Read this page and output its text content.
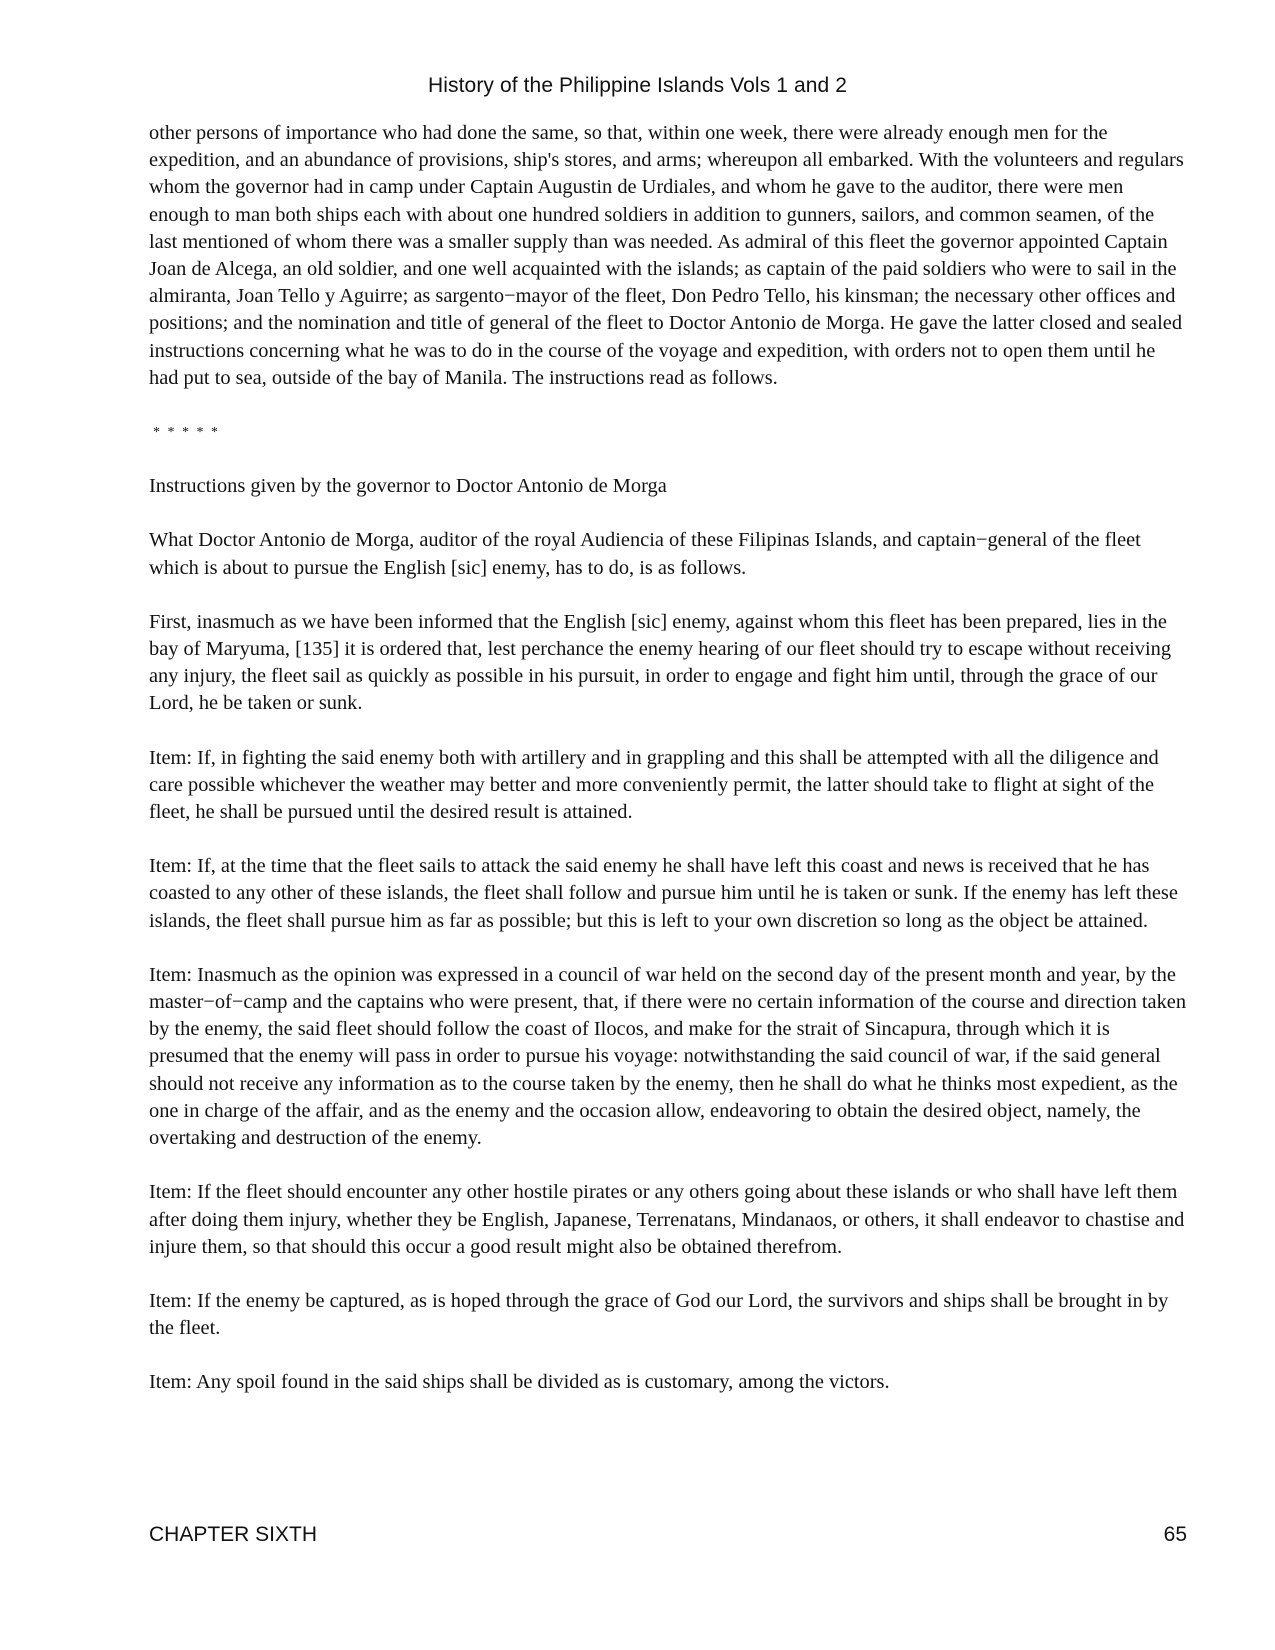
History of the Philippine Islands Vols 1 and 2

other persons of importance who had done the same, so that, within one week, there were already enough men for the expedition, and an abundance of provisions, ship's stores, and arms; whereupon all embarked. With the volunteers and regulars whom the governor had in camp under Captain Augustin de Urdiales, and whom he gave to the auditor, there were men enough to man both ships each with about one hundred soldiers in addition to gunners, sailors, and common seamen, of the last mentioned of whom there was a smaller supply than was needed. As admiral of this fleet the governor appointed Captain Joan de Alcega, an old soldier, and one well acquainted with the islands; as captain of the paid soldiers who were to sail in the almiranta, Joan Tello y Aguirre; as sargento−mayor of the fleet, Don Pedro Tello, his kinsman; the necessary other offices and positions; and the nomination and title of general of the fleet to Doctor Antonio de Morga. He gave the latter closed and sealed instructions concerning what he was to do in the course of the voyage and expedition, with orders not to open them until he had put to sea, outside of the bay of Manila. The instructions read as follows.

* * * * *

Instructions given by the governor to Doctor Antonio de Morga

What Doctor Antonio de Morga, auditor of the royal Audiencia of these Filipinas Islands, and captain−general of the fleet which is about to pursue the English [sic] enemy, has to do, is as follows.

First, inasmuch as we have been informed that the English [sic] enemy, against whom this fleet has been prepared, lies in the bay of Maryuma, [135] it is ordered that, lest perchance the enemy hearing of our fleet should try to escape without receiving any injury, the fleet sail as quickly as possible in his pursuit, in order to engage and fight him until, through the grace of our Lord, he be taken or sunk.

Item: If, in fighting the said enemy both with artillery and in grappling and this shall be attempted with all the diligence and care possible whichever the weather may better and more conveniently permit, the latter should take to flight at sight of the fleet, he shall be pursued until the desired result is attained.

Item: If, at the time that the fleet sails to attack the said enemy he shall have left this coast and news is received that he has coasted to any other of these islands, the fleet shall follow and pursue him until he is taken or sunk. If the enemy has left these islands, the fleet shall pursue him as far as possible; but this is left to your own discretion so long as the object be attained.

Item: Inasmuch as the opinion was expressed in a council of war held on the second day of the present month and year, by the master−of−camp and the captains who were present, that, if there were no certain information of the course and direction taken by the enemy, the said fleet should follow the coast of Ilocos, and make for the strait of Sincapura, through which it is presumed that the enemy will pass in order to pursue his voyage: notwithstanding the said council of war, if the said general should not receive any information as to the course taken by the enemy, then he shall do what he thinks most expedient, as the one in charge of the affair, and as the enemy and the occasion allow, endeavoring to obtain the desired object, namely, the overtaking and destruction of the enemy.

Item: If the fleet should encounter any other hostile pirates or any others going about these islands or who shall have left them after doing them injury, whether they be English, Japanese, Terrenatans, Mindanaos, or others, it shall endeavor to chastise and injure them, so that should this occur a good result might also be obtained therefrom.

Item: If the enemy be captured, as is hoped through the grace of God our Lord, the survivors and ships shall be brought in by the fleet.

Item: Any spoil found in the said ships shall be divided as is customary, among the victors.

CHAPTER SIXTH	65
